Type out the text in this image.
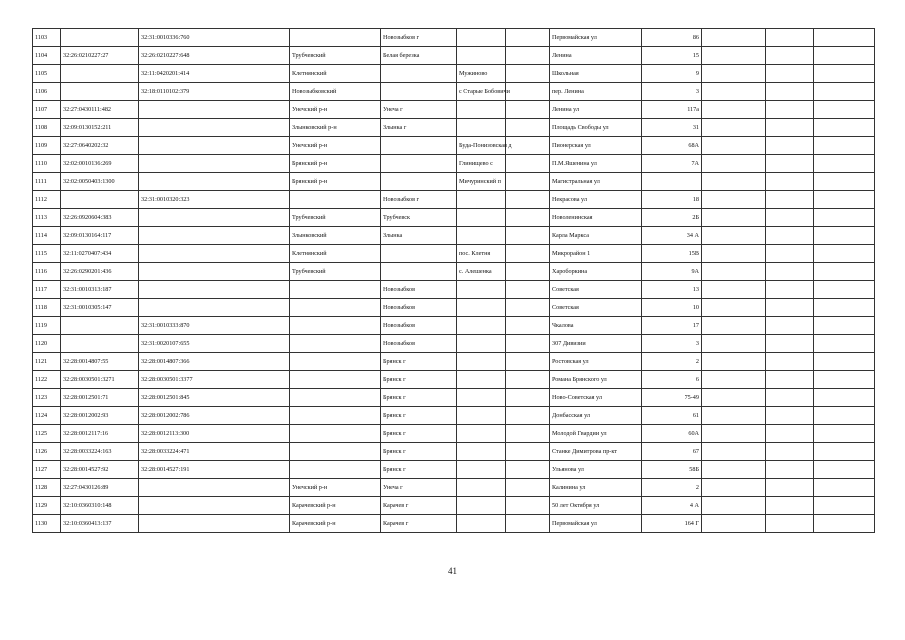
1103		32:31:0010336:760		Новозыбков г			Первомайская ул	86			
1104	32:26:0210227:27	32:26:0210227:648	Трубчевский	Белая березка			Ленина	15			
1105		32:11:0420201:414	Клетнянский		Мужиново		Школьная	9			
1106		32:18:0110102:379	Новозыбковский		с Старые Бобовичи		пер. Ленина	3			
1107	32:27:0430111:482		Унечский р-н	Унеча г			Ленина ул	117а			
1108	32:09:0130152:211		Злынковский р-н	Злынка г			Площадь Свободы ул	31			
1109	32:27:0640202:32		Унечский р-н		Буда-Понизовская д		Пионерская ул	68А			
1110	32:02:0010136:269		Брянский р-н		Глинищево с		П.М.Яшенина ул	7А			
1111	32:02:0050403:1300		Брянский р-н		Мичуринский п		Магистральная ул				
1112		32:31:0010320:323		Новозыбков г			Некрасова ул	18			
1113	32:26:0920604:383		Трубчевский	Трубчевск			Новоленинская	2Б			
1114	32:09:0130164:117		Злынковский	Злынка			Карла Маркса	34 А			
1115	32:11:0270407:434		Клетнянский		пос. Клетня		Микрорайон 1	15В			
1116	32:26:0290201:436		Трубчевский		с. Алешенка		Хароборкина	9А			
1117	32:31:0010313:187			Новозыбков			Советская	13			
1118	32:31:0010305:147			Новозыбков			Советская	10			
1119		32:31:0010333:870		Новозыбков			Чкалова	17			
1120		32:31:0020107:655		Новозыбков			307 Дивизии	3			
1121	32:28:0014807:55	32:28:0014807:366		Брянск г			Ростовская ул	2			
1122	32:28:0030501:3271	32:28:0030501:3377		Брянск г			Романа Брянского ул	6			
1123	32:28:0012501:71	32:28:0012501:845		Брянск г			Ново-Советская ул	75-49			
1124	32:28:0012002:93	32:28:0012002:786		Брянск г			Донбасская ул	61			
1125	32:28:0012117:16	32:28:0012113:300		Брянск г			Молодой Гвардии ул	60А			
1126	32:28:0033224:163	32:28:0033224:471		Брянск г			Станке Димитрова пр-кт	67			
1127	32:28:0014527:92	32:28:0014527:191		Брянск г			Ульянова ул	58Б			
1128	32:27:0430126:89		Унечский р-н	Унеча г			Калинина ул	2			
1129	32:10:0360310:148		Карачевский р-н	Карачев г			50 лет Октября ул	4 А			
1130	32:10:0360413:137		Карачевский р-н	Карачев г			Первомайская ул	164 Г			
41
